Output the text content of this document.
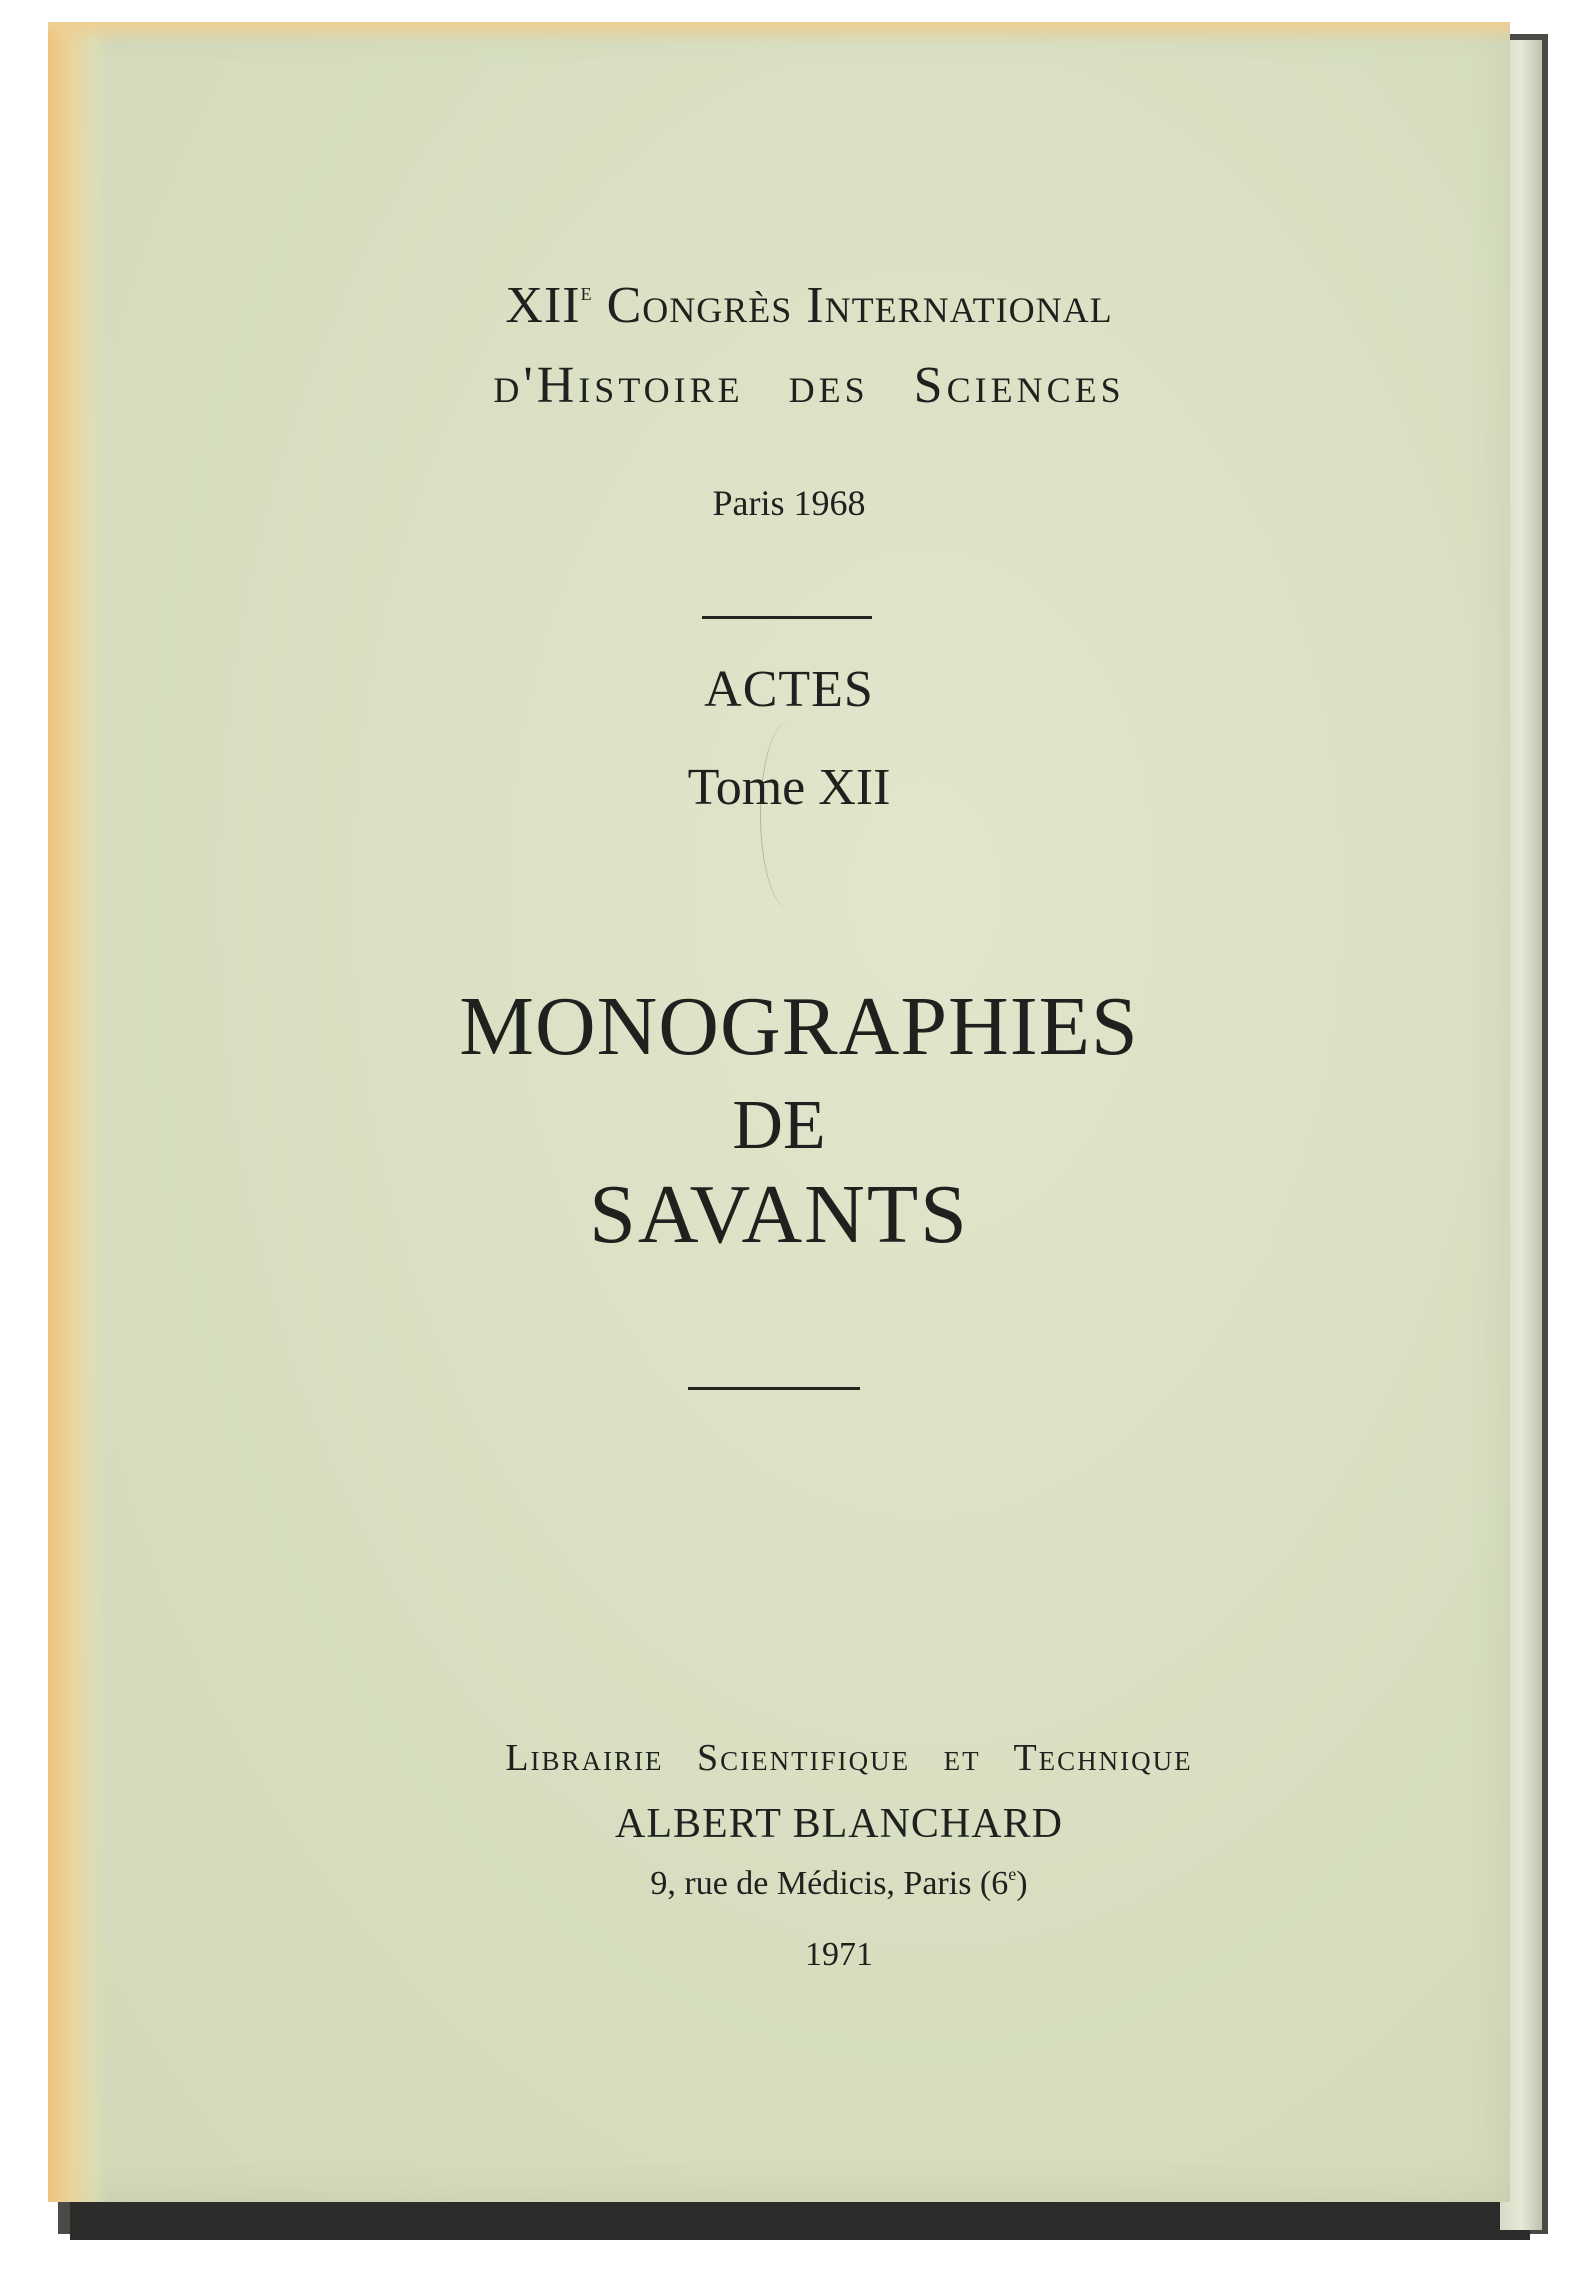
XIIe Congrès International
d'Histoire des Sciences
Paris 1968
ACTES
Tome XII
MONOGRAPHIES
DE
SAVANTS
Librairie Scientifique et Technique
ALBERT BLANCHARD
9, rue de Médicis, Paris (6e)
1971
